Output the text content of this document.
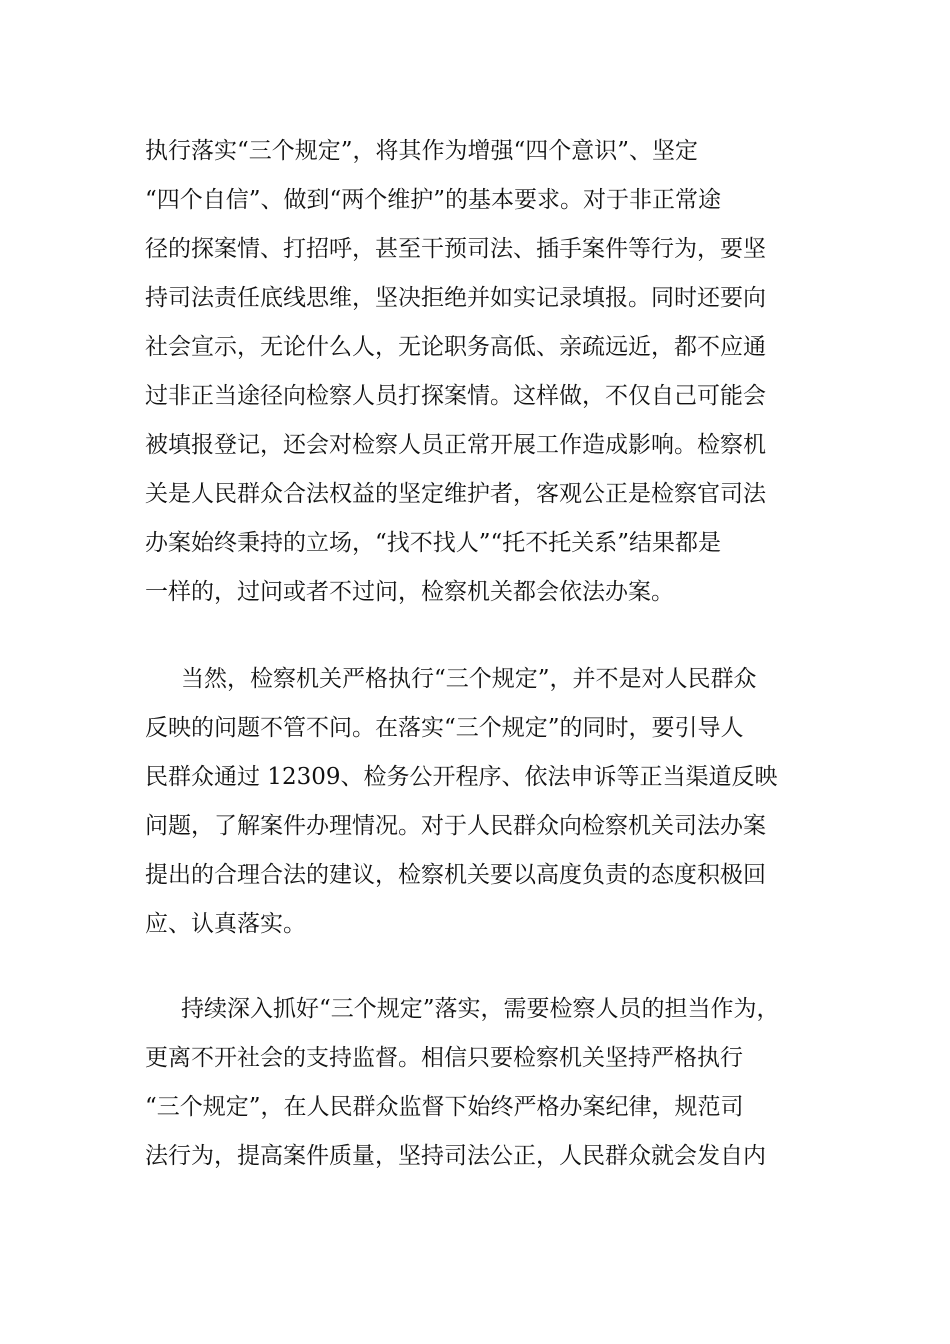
执行落实“三个规定”，将其作为增强“四个意识”、坚定
“四个自信”、做到“两个维护”的基本要求。对于非正常途
径的探案情、打招呼，甚至干预司法、插手案件等行为，要坚
持司法责任底线思维，坚决拒绝并如实记录填报。同时还要向
社会宣示，无论什么人，无论职务高低、亲疏远近，都不应通
过非正当途径向检察人员打探案情。这样做，不仅自己可能会
被填报登记，还会对检察人员正常开展工作造成影响。检察机
关是人民群众合法权益的坚定维护者，客观公正是检察官司法
办案始终秉持的立场，“找不找人”“托不托关系”结果都是
一样的，过问或者不过问，检察机关都会依法办案。
当然，检察机关严格执行“三个规定”，并不是对人民群众
反映的问题不管不问。在落实“三个规定”的同时，要引导人
民群众通过 12309、检务公开程序、依法申诉等正当渠道反映
问题，了解案件办理情况。对于人民群众向检察机关司法办案
提出的合理合法的建议，检察机关要以高度负责的态度积极回
应、认真落实。
持续深入抓好“三个规定”落实，需要检察人员的担当作为，
更离不开社会的支持监督。相信只要检察机关坚持严格执行
“三个规定”，在人民群众监督下始终严格办案纪律，规范司
法行为，提高案件质量，坚持司法公正，人民群众就会发自内
